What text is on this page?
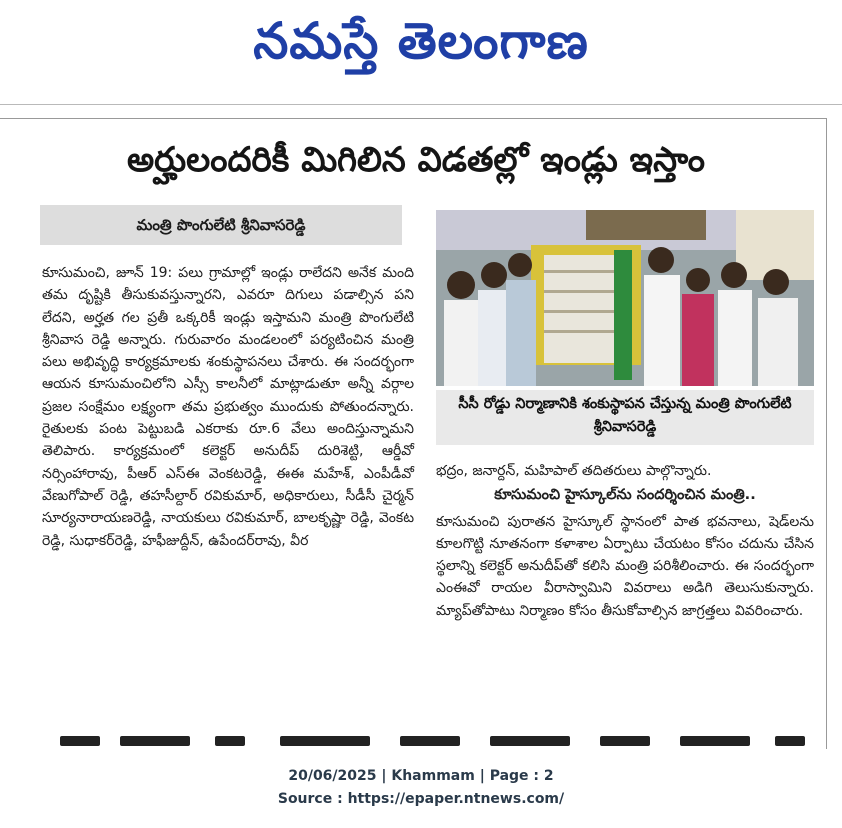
నమస్తే తెలంగాణ
అర్హులందరికీ మిగిలిన విడతల్లో ఇండ్లు ఇస్తాం
మంత్రి పొంగులేటి శ్రీనివాసరెడ్డి

కూసుమంచి, జూన్ 19: పలు గ్రామాల్లో ఇండ్లు రాలేదని అనేక మంది తమ దృష్టికి తీసుకువస్తున్నారని, ఎవరూ దిగులు పడాల్సిన పని లేదని, అర్హత గల ప్రతీ ఒక్కరికీ ఇండ్లు ఇస్తామని మంత్రి పొంగులేటి శ్రీనివాస రెడ్డి అన్నారు. గురువారం మండలంలో పర్యటించిన మంత్రి పలు అభివృద్ధి కార్యక్రమాలకు శంకుస్థాపనలు చేశారు. ఈ సందర్భంగా ఆయన కూసుమంచిలోని ఎస్సీ కాలనీలో మాట్లాడుతూ అన్నీ వర్గాల ప్రజల సంక్షేమం లక్ష్యంగా తమ ప్రభుత్వం ముందుకు పోతుందన్నారు. రైతులకు పంట పెట్టుబడి ఎకరాకు రూ.6 వేలు అందిస్తున్నామని తెలిపారు. కార్యక్రమంలో కలెక్టర్ అనుదీప్ దురిశెట్టి, ఆర్డీవో నర్సింహారావు, పీఆర్ ఎస్ఈ వెంకటరెడ్డి, ఈఈ మహేశ్, ఎంపీడీవో వేణుగోపాల్ రెడ్డి, తహసీల్దార్ రవికుమార్, అధికారులు, సీడీసీ చైర్మన్ సూర్యనారాయణరెడ్డి, నాయకులు రవికుమార్, బాలకృష్ణా రెడ్డి, వెంకట రెడ్డి, సుధాకర్‌రెడ్డి, హఫీజుద్దీన్, ఉపేందర్‌రావు, వీర

సీసీ రోడ్డు నిర్మాణానికి శంకుస్థాపన చేస్తున్న మంత్రి పొంగులేటి శ్రీనివాసరెడ్డి

భద్రం, జనార్దన్, మహిపాల్ తదితరులు పాల్గొన్నారు.

కూసుమంచి హైస్కూల్‌ను సందర్శించిన మంత్రి..

కూసుమంచి పురాతన హైస్కూల్ స్థానంలో పాత భవనాలు, షెడ్‌లను కూలగొట్టి నూతనంగా కళాశాల ఏర్పాటు చేయటం కోసం చదును చేసిన స్థలాన్ని కలెక్టర్ అనుదీప్‌తో కలిసి మంత్రి పరిశీలించారు. ఈ సందర్భంగా ఎంఈవో రాయల వీరాస్వామిని వివరాలు అడిగి తెలుసుకున్నారు. మ్యాప్‌తోపాటు నిర్మాణం కోసం తీసుకోవాల్సిన జాగ్రత్తలు వివరించారు.

20/06/2025 | Khammam | Page : 2
Source : https://epaper.ntnews.com/
